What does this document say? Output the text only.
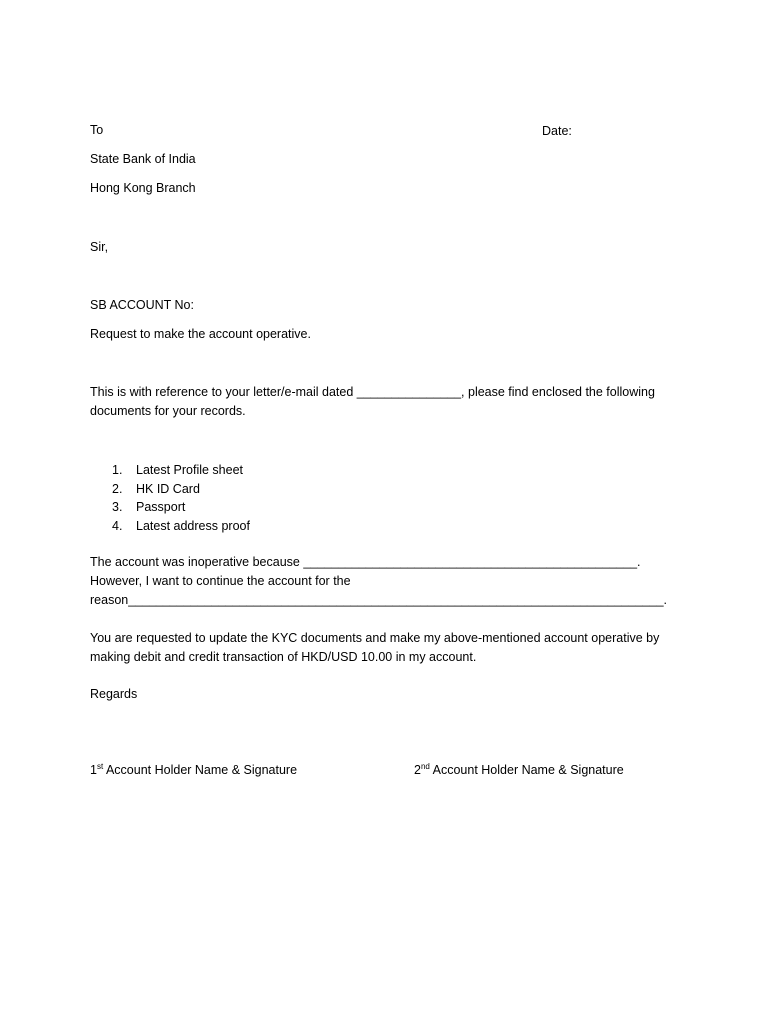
To	Date:
State Bank of India
Hong Kong Branch
Sir,
SB ACCOUNT No:
Request to make the account operative.
This is with reference to your letter/e-mail dated _______________, please find enclosed the following
documents for your records.
1.	Latest Profile sheet
2.	HK ID Card
3.	Passport
4.	Latest address proof
The account was inoperative because ________________________________________________.
However, I want to continue the account for the
reason_____________________________________________________________________________.
You are requested to update the KYC documents and make my above-mentioned account operative by
making debit and credit transaction of HKD/USD 10.00 in my account.
Regards
1st Account Holder Name & Signature	2nd Account Holder Name & Signature
